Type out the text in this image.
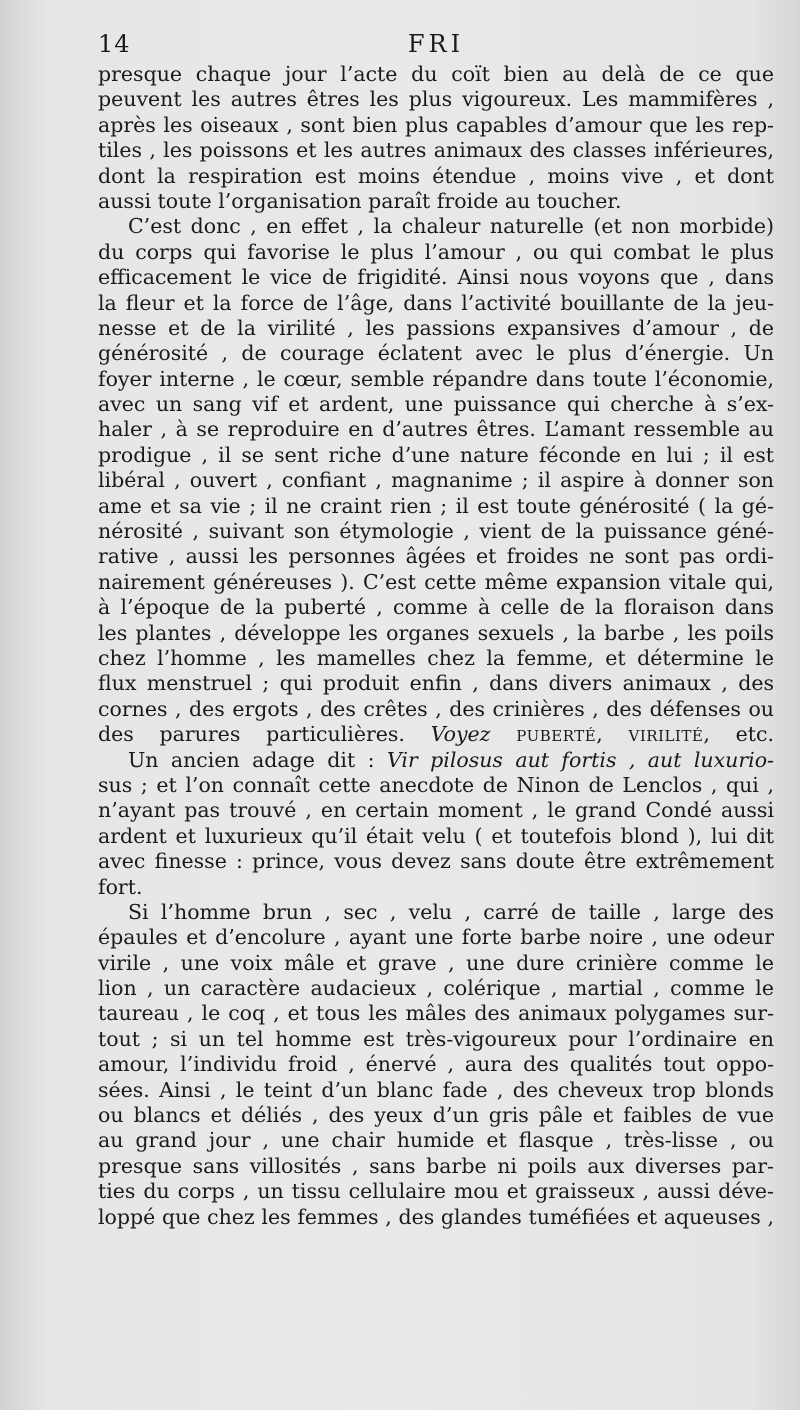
14	FRI
presque chaque jour l’acte du coït bien au delà de ce que
peuvent les autres êtres les plus vigoureux. Les mammifères ,
après les oiseaux , sont bien plus capables d’amour que les rep-
tiles , les poissons et les autres animaux des classes inférieures,
dont la respiration est moins étendue , moins vive , et dont
aussi toute l’organisation paraît froide au toucher.
C’est donc , en effet , la chaleur naturelle (et non morbide)
du corps qui favorise le plus l’amour , ou qui combat le plus
efficacement le vice de frigidité. Ainsi nous voyons que , dans
la fleur et la force de l’âge, dans l’activité bouillante de la jeu-
nesse et de la virilité , les passions expansives d’amour , de
générosité , de courage éclatent avec le plus d’énergie. Un
foyer interne , le cœur, semble répandre dans toute l’économie,
avec un sang vif et ardent, une puissance qui cherche à s’ex-
haler , à se reproduire en d’autres êtres. L’amant ressemble au
prodigue , il se sent riche d’une nature féconde en lui ; il est
libéral , ouvert , confiant , magnanime ; il aspire à donner son
ame et sa vie ; il ne craint rien ; il est toute générosité ( la gé-
nérosité , suivant son étymologie , vient de la puissance géné-
rative , aussi les personnes âgées et froides ne sont pas ordi-
nairement généreuses ). C’est cette même expansion vitale qui,
à l’époque de la puberté , comme à celle de la floraison dans
les plantes , développe les organes sexuels , la barbe , les poils
chez l’homme , les mamelles chez la femme, et détermine le
flux menstruel ; qui produit enfin , dans divers animaux , des
cornes , des ergots , des crêtes , des crinières , des défenses ou
des parures particulières. Voyez PUBERTÉ, VIRILITÉ, etc.
Un ancien adage dit : Vir pilosus aut fortis , aut luxurio-
sus ; et l’on connaît cette anecdote de Ninon de Lenclos , qui ,
n’ayant pas trouvé , en certain moment , le grand Condé aussi
ardent et luxurieux qu’il était velu ( et toutefois blond ), lui dit
avec finesse : prince, vous devez sans doute être extrêmement
fort.
Si l’homme brun , sec , velu , carré de taille , large des
épaules et d’encolure , ayant une forte barbe noire , une odeur
virile , une voix mâle et grave , une dure crinière comme le
lion , un caractère audacieux , colérique , martial , comme le
taureau , le coq , et tous les mâles des animaux polygames sur-
tout ; si un tel homme est très-vigoureux pour l’ordinaire en
amour, l’individu froid , énervé , aura des qualités tout oppo-
sées. Ainsi , le teint d’un blanc fade , des cheveux trop blonds
ou blancs et déliés , des yeux d’un gris pâle et faibles de vue
au grand jour , une chair humide et flasque , très-lisse , ou
presque sans villosités , sans barbe ni poils aux diverses par-
ties du corps , un tissu cellulaire mou et graisseux , aussi déve-
loppé que chez les femmes , des glandes tuméfiées et aqueuses ,
